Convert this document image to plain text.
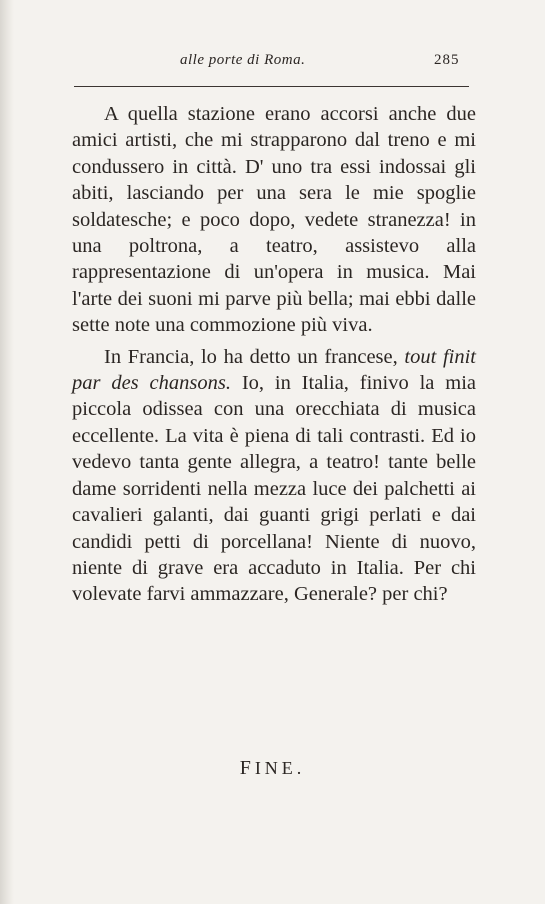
alle porte di Roma.	285

A quella stazione erano accorsi anche due amici artisti, che mi strapparono dal treno e mi condussero in città. D' uno tra essi indossai gli abiti, lasciando per una sera le mie spoglie soldatesche; e poco dopo, vedete stranezza! in una poltrona, a teatro, assistevo alla rappresentazione di un'opera in musica. Mai l'arte dei suoni mi parve più bella; mai ebbi dalle sette note una commozione più viva.

In Francia, lo ha detto un francese, tout finit par des chansons. Io, in Italia, finivo la mia piccola odissea con una orecchiata di musica eccellente. La vita è piena di tali contrasti. Ed io vedevo tanta gente allegra, a teatro! tante belle dame sorridenti nella mezza luce dei palchetti ai cavalieri galanti, dai guanti grigi perlati e dai candidi petti di porcellana! Niente di nuovo, niente di grave era accaduto in Italia. Per chi volevate farvi ammazzare, Generale? per chi?

FINE.
